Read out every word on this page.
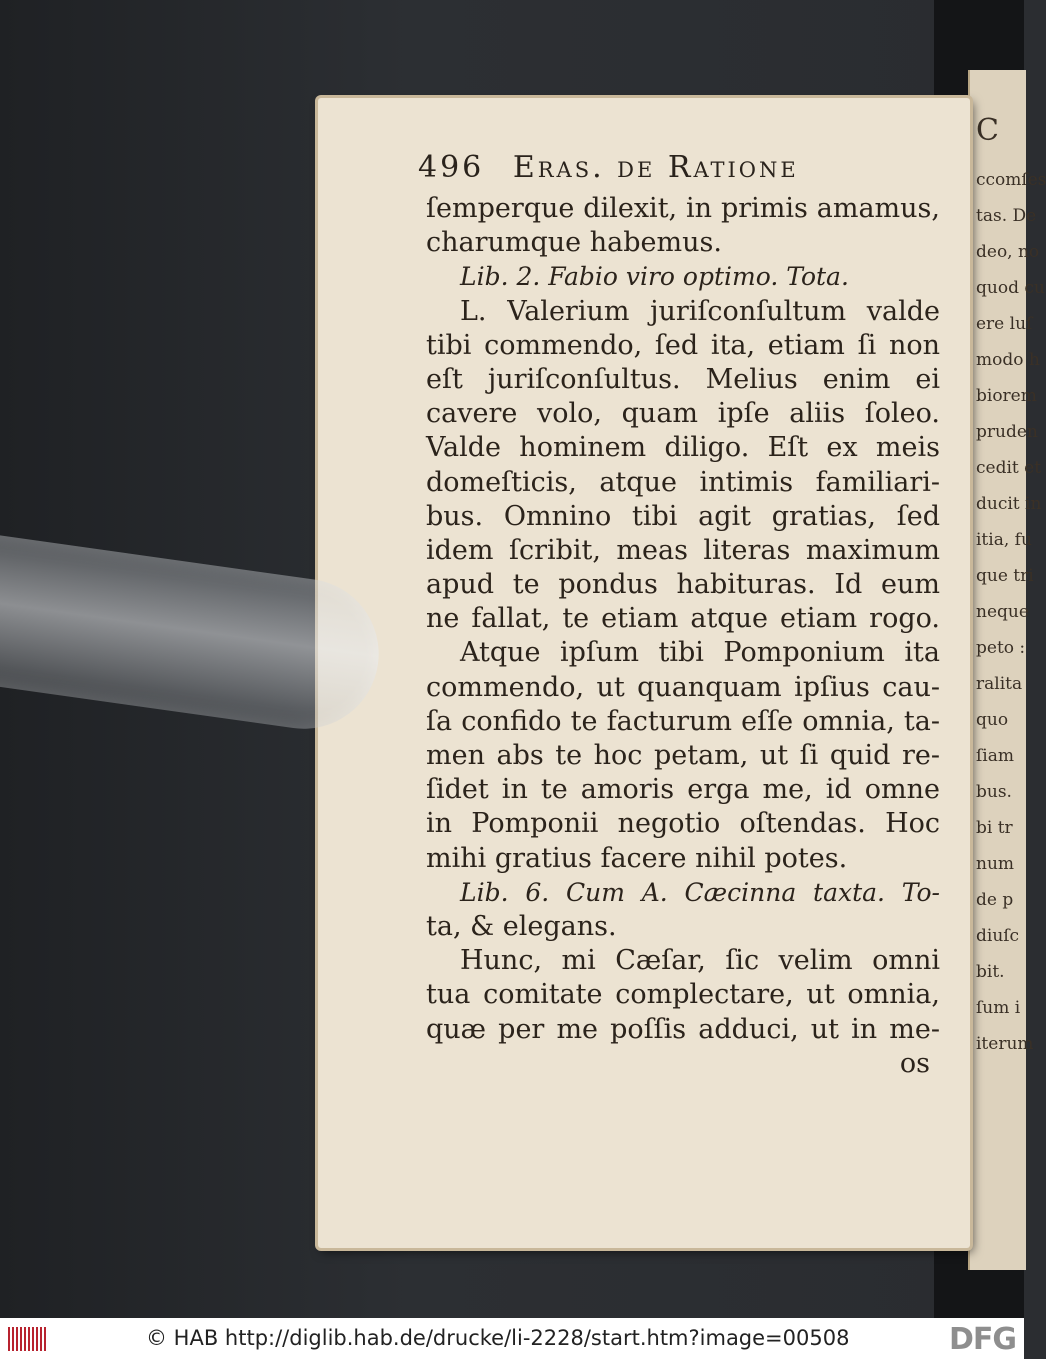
C
ccomſes
tas. De
deo, no
quod cu
ere luſ
modo h
biorem
pruden
cedit et
ducit in
itia, fu
que tri
neque
peto :
ralita
quo
ſiam
bus.
bi tr
num
de p
diuſc
bit.
ſum i
iterum
496 Eras. de Ratione
ſemperque dilexit, in primis amamus,
charumque habemus.
Lib. 2. Fabio viro optimo. Tota.
L. Valerium juriſconſultum valde
tibi commendo, ſed ita, etiam ſi non
eſt juriſconſultus. Melius enim ei
cavere volo, quam ipſe aliis ſoleo.
Valde hominem diligo. Eſt ex meis
domeſticis, atque intimis familiari-
bus. Omnino tibi agit gratias, ſed
idem ſcribit, meas literas maximum
apud te pondus habituras. Id eum
ne fallat, te etiam atque etiam rogo.
Atque ipſum tibi Pomponium ita
commendo, ut quanquam ipſius cau-
ſa confido te facturum eſſe omnia, ta-
men abs te hoc petam, ut ſi quid re-
ſidet in te amoris erga me, id omne
in Pomponii negotio oſtendas. Hoc
mihi gratius facere nihil potes.
Lib. 6. Cum A. Cæcinna taxta. To-
ta, & elegans.
Hunc, mi Cæſar, ſic velim omni
tua comitate complectare, ut omnia,
quæ per me poſſis adduci, ut in me-
os
© HAB http://diglib.hab.de/drucke/li-2228/start.htm?image=00508	DFG
